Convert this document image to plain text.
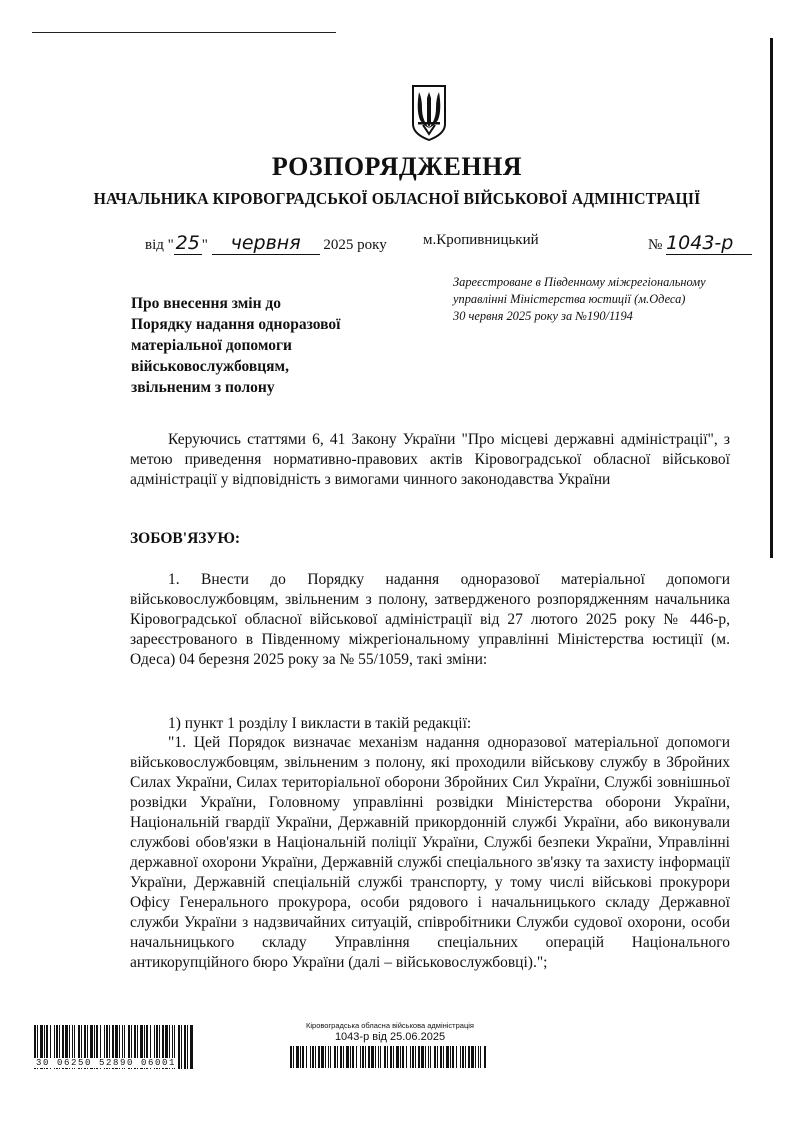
РОЗПОРЯДЖЕННЯ
НАЧАЛЬНИКА КІРОВОГРАДСЬКОЇ ОБЛАСНОЇ ВІЙСЬКОВОЇ АДМІНІСТРАЦІЇ
від " 25 " червня 2025 року м.Кропивницький	№ 1043-р
Зареєстроване в Південному міжрегіональному
управлінні Міністерства юстиції (м.Одеса)
30 червня 2025 року за №190/1194
Про внесення змін до
Порядку надання одноразової
матеріальної допомоги
військовослужбовцям,
звільненим з полону
Керуючись статтями 6, 41 Закону України "Про місцеві державні адміністрації", з метою приведення нормативно-правових актів Кіровоградської обласної військової адміністрації у відповідність з вимогами чинного законодавства України
ЗОБОВ'ЯЗУЮ:
1. Внести до Порядку надання одноразової матеріальної допомоги військовослужбовцям, звільненим з полону, затвердженого розпорядженням начальника Кіровоградської обласної військової адміністрації від 27 лютого 2025 року № 446-р, зареєстрованого в Південному міжрегіональному управлінні Міністерства юстиції (м. Одеса) 04 березня 2025 року за № 55/1059, такі зміни:
1) пункт 1 розділу І викласти в такій редакції:
"1. Цей Порядок визначає механізм надання одноразової матеріальної допомоги військовослужбовцям, звільненим з полону, які проходили військову службу в Збройних Силах України, Силах територіальної оборони Збройних Сил України, Службі зовнішньої розвідки України, Головному управлінні розвідки Міністерства оборони України, Національній гвардії України, Державній прикордонній службі України, або виконували службові обов'язки в Національній поліції України, Службі безпеки України, Управлінні державної охорони України, Державній службі спеціального зв'язку та захисту інформації України, Державній спеціальній службі транспорту, у тому числі військові прокурори Офісу Генерального прокурора, особи рядового і начальницького складу Державної служби України з надзвичайних ситуацій, співробітники Служби судової охорони, особи начальницького складу Управління спеціальних операцій Національного антикорупційного бюро України (далі – військовослужбовці).";
30 06250 52890 06001
Кіровоградська обласна військова адміністрація
1043-р від 25.06.2025
